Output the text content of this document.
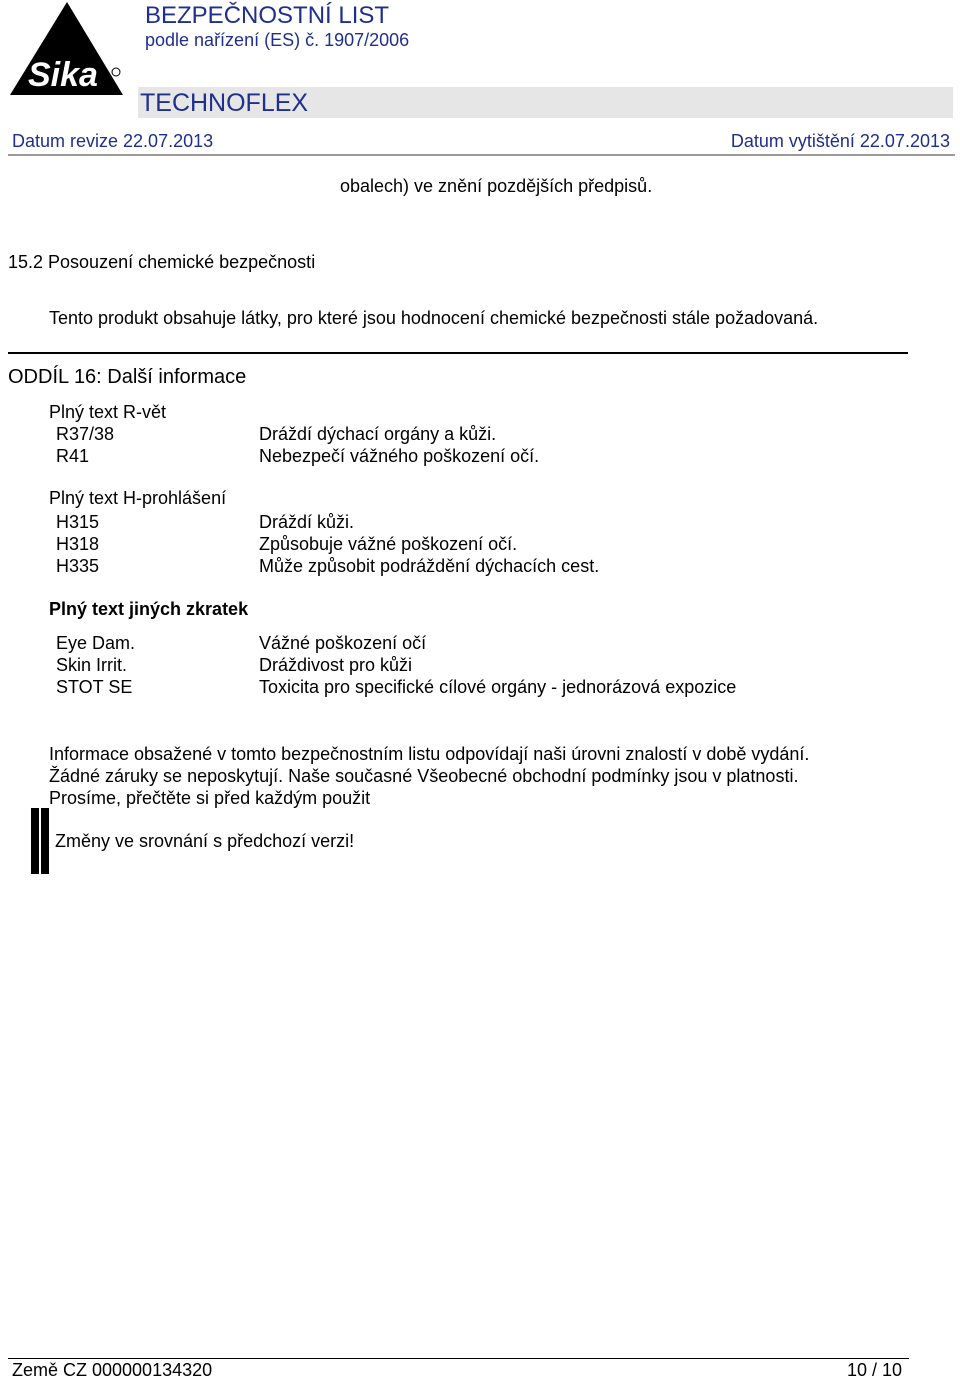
Sika
BEZPEČNOSTNÍ LIST
podle nařízení (ES) č. 1907/2006
TECHNOFLEX
Datum revize 22.07.2013	Datum vytištění 22.07.2013
obalech) ve znění pozdějších předpisů.
15.2 Posouzení chemické bezpečnosti
Tento produkt obsahuje látky, pro které jsou hodnocení chemické bezpečnosti stále požadovaná.
ODDÍL 16: Další informace
Plný text R-vět
R37/38	Dráždí dýchací orgány a kůži.
R41	Nebezpečí vážného poškození očí.
Plný text H-prohlášení
H315	Dráždí kůži.
H318	Způsobuje vážné poškození očí.
H335	Může způsobit podráždění dýchacích cest.
Plný text jiných zkratek
Eye Dam.	Vážné poškození očí
Skin Irrit.	Dráždivost pro kůži
STOT SE	Toxicita pro specifické cílové orgány - jednorázová expozice
Informace obsažené v tomto bezpečnostním listu odpovídají naši úrovni znalostí v době vydání.
Žádné záruky se neposkytují. Naše současné Všeobecné obchodní podmínky jsou v platnosti.
Prosíme, přečtěte si před každým použit
Změny ve srovnání s předchozí verzi!
Země CZ 000000134320	10 / 10
